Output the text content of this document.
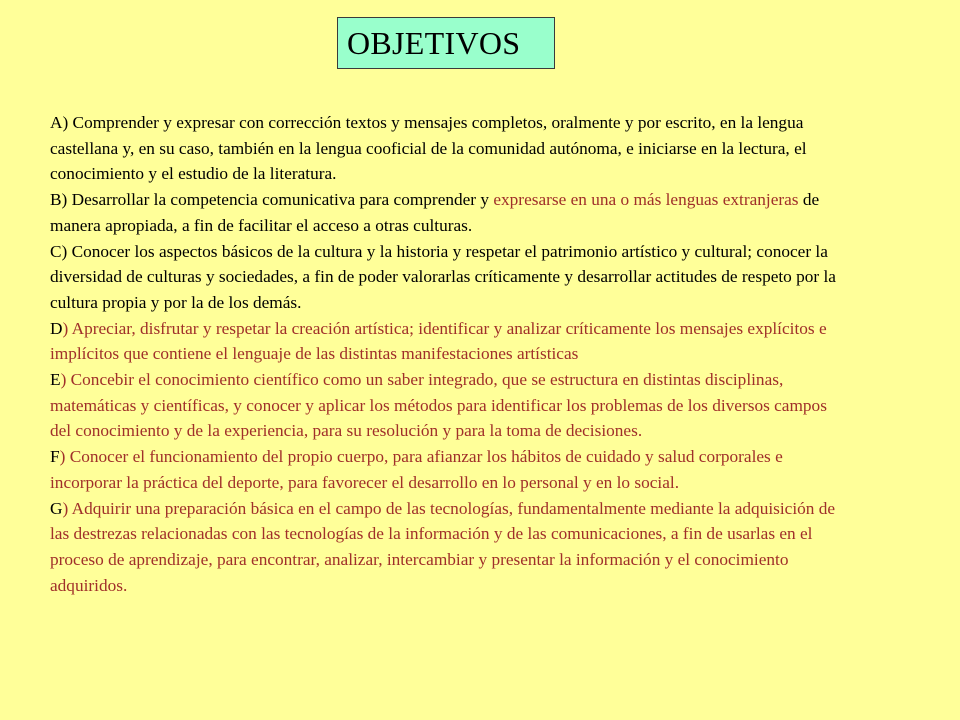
OBJETIVOS
A) Comprender y expresar con corrección textos y mensajes completos, oralmente y por escrito, en la lengua castellana y, en su caso, también en la lengua cooficial de la comunidad autónoma, e iniciarse en la lectura, el conocimiento y el estudio de la literatura.
B) Desarrollar la competencia comunicativa para comprender y expresarse en una o más lenguas extranjeras de manera apropiada, a fin de facilitar el acceso a otras culturas.
C) Conocer los aspectos básicos de la cultura y la historia y respetar el patrimonio artístico y cultural; conocer la diversidad de culturas y sociedades, a fin de poder valorarlas críticamente y desarrollar actitudes de respeto por la cultura propia y por la de los demás.
D) Apreciar, disfrutar y respetar la creación artística; identificar y analizar críticamente los mensajes explícitos e implícitos que contiene el lenguaje de las distintas manifestaciones artísticas
E) Concebir el conocimiento científico como un saber integrado, que se estructura en distintas disciplinas, matemáticas y científicas, y conocer y aplicar los métodos para identificar los problemas de los diversos campos del conocimiento y de la experiencia, para su resolución y para la toma de decisiones.
F) Conocer el funcionamiento del propio cuerpo, para afianzar los hábitos de cuidado y salud corporales e incorporar la práctica del deporte, para favorecer el desarrollo en lo personal y en lo social.
G) Adquirir una preparación básica en el campo de las tecnologías, fundamentalmente mediante la adquisición de las destrezas relacionadas con las tecnologías de la información y de las comunicaciones, a fin de usarlas en el proceso de aprendizaje, para encontrar, analizar, intercambiar y presentar la información y el conocimiento adquiridos.
